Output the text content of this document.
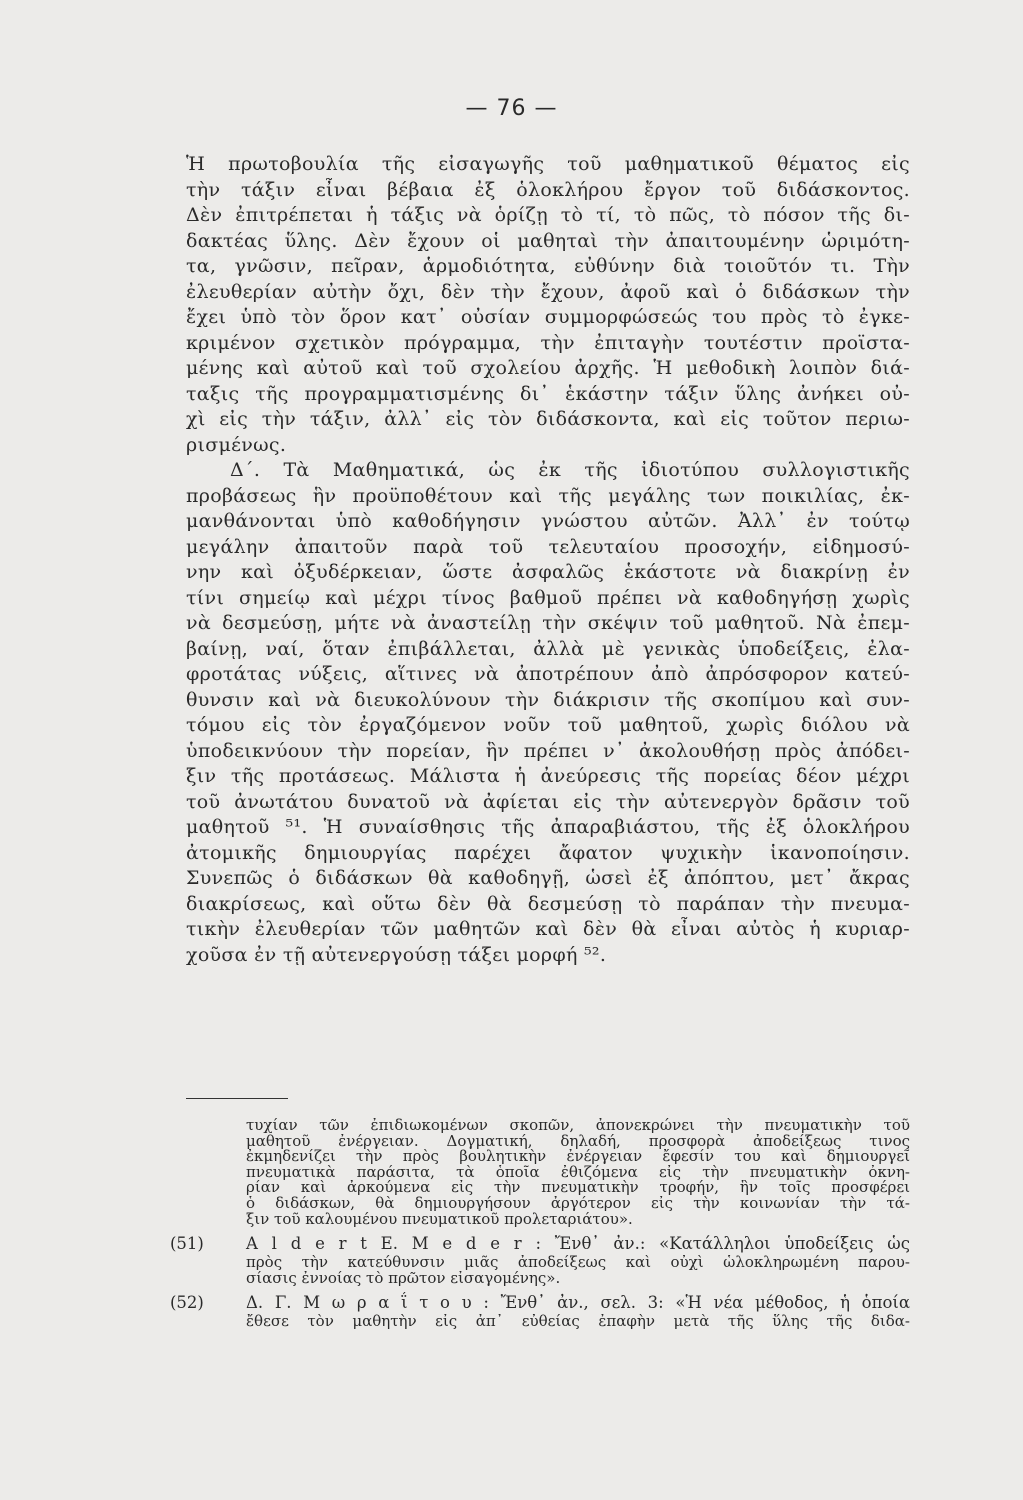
— 76 —
Ἡ πρωτοβουλία τῆς εἰσαγωγῆς τοῦ μαθηματικοῦ θέματος εἰς
τὴν τάξιν εἶναι βέβαια ἐξ ὁλοκλήρου ἔργον τοῦ διδάσκοντος.
Δὲν ἐπιτρέπεται ἡ τάξις νὰ ὁρίζῃ τὸ τί, τὸ πῶς, τὸ πόσον τῆς δι-
δακτέας ὕλης. Δὲν ἔχουν οἱ μαθηταὶ τὴν ἀπαιτουμένην ὡριμότη-
τα, γνῶσιν, πεῖραν, ἁρμοδιότητα, εὐθύνην διὰ τοιοῦτόν τι. Τὴν
ἐλευθερίαν αὐτὴν ὄχι, δὲν τὴν ἔχουν, ἀφοῦ καὶ ὁ διδάσκων τὴν
ἔχει ὑπὸ τὸν ὅρον κατ᾽ οὐσίαν συμμορφώσεώς του πρὸς τὸ ἐγκε-
κριμένον σχετικὸν πρόγραμμα, τὴν ἐπιταγὴν τουτέστιν προϊστα-
μένης καὶ αὐτοῦ καὶ τοῦ σχολείου ἀρχῆς. Ἡ μεθοδικὴ λοιπὸν διά-
ταξις τῆς προγραμματισμένης δι᾽ ἑκάστην τάξιν ὕλης ἀνήκει οὐ-
χὶ εἰς τὴν τάξιν, ἀλλ᾽ εἰς τὸν διδάσκοντα, καὶ εἰς τοῦτον περιω-
ρισμένως.
Δ΄. Τὰ Μαθηματικά, ὡς ἐκ τῆς ἰδιοτύπου συλλογιστικῆς
προβάσεως ἣν προϋποθέτουν καὶ τῆς μεγάλης των ποικιλίας, ἐκ-
μανθάνονται ὑπὸ καθοδήγησιν γνώστου αὐτῶν. Ἀλλ᾽ ἐν τούτῳ
μεγάλην ἀπαιτοῦν παρὰ τοῦ τελευταίου προσοχήν, εἰδημοσύ-
νην καὶ ὀξυδέρκειαν, ὥστε ἀσφαλῶς ἑκάστοτε νὰ διακρίνῃ ἐν
τίνι σημείῳ καὶ μέχρι τίνος βαθμοῦ πρέπει νὰ καθοδηγήσῃ χωρὶς
νὰ δεσμεύσῃ, μήτε νὰ ἀναστείλῃ τὴν σκέψιν τοῦ μαθητοῦ. Νὰ ἐπεμ-
βαίνῃ, ναί, ὅταν ἐπιβάλλεται, ἀλλὰ μὲ γενικὰς ὑποδείξεις, ἐλα-
φροτάτας νύξεις, αἵτινες νὰ ἀποτρέπουν ἀπὸ ἀπρόσφορον κατεύ-
θυνσιν καὶ νὰ διευκολύνουν τὴν διάκρισιν τῆς σκοπίμου καὶ συν-
τόμου εἰς τὸν ἐργαζόμενον νοῦν τοῦ μαθητοῦ, χωρὶς διόλου νὰ
ὑποδεικνύουν τὴν πορείαν, ἣν πρέπει ν᾽ ἀκολουθήσῃ πρὸς ἀπόδει-
ξιν τῆς προτάσεως. Μάλιστα ἡ ἀνεύρεσις τῆς πορείας δέον μέχρι
τοῦ ἀνωτάτου δυνατοῦ νὰ ἀφίεται εἰς τὴν αὐτενεργὸν δρᾶσιν τοῦ
μαθητοῦ ⁵¹. Ἡ συναίσθησις τῆς ἀπαραβιάστου, τῆς ἐξ ὁλοκλήρου
ἀτομικῆς δημιουργίας παρέχει ἄφατον ψυχικὴν ἱκανοποίησιν.
Συνεπῶς ὁ διδάσκων θὰ καθοδηγῇ, ὡσεὶ ἐξ ἀπόπτου, μετ᾽ ἄκρας
διακρίσεως, καὶ οὕτω δὲν θὰ δεσμεύσῃ τὸ παράπαν τὴν πνευμα-
τικὴν ἐλευθερίαν τῶν μαθητῶν καὶ δὲν θὰ εἶναι αὐτὸς ἡ κυριαρ-
χοῦσα ἐν τῇ αὐτενεργούσῃ τάξει μορφή ⁵².
τυχίαν τῶν ἐπιδιωκομένων σκοπῶν, ἀπονεκρώνει τὴν πνευματικὴν τοῦ
μαθητοῦ ἐνέργειαν. Δογματική, δηλαδή, προσφορὰ ἀποδείξεως τινος
ἐκμηδενίζει τὴν πρὸς βουλητικὴν ἐνέργειαν ἔφεσίν του καὶ δημιουργεῖ
πνευματικὰ παράσιτα, τὰ ὁποῖα ἐθιζόμενα εἰς τὴν πνευματικὴν ὀκνη-
ρίαν καὶ ἀρκούμενα εἰς τὴν πνευματικὴν τροφήν, ἣν τοῖς προσφέρει
ὁ διδάσκων, θὰ δημιουργήσουν ἀργότερον εἰς τὴν κοινωνίαν τὴν τά-
ξιν τοῦ καλουμένου πνευματικοῦ προλεταριάτου».
(51)	A l d e r t E. M e d e r : Ἔνθ᾽ ἀν.: «Κατάλληλοι ὑποδείξεις ὡς
πρὸς τὴν κατεύθυνσιν μιᾶς ἀποδείξεως καὶ οὐχὶ ὡλοκληρωμένη παρου-
σίασις ἐννοίας τὸ πρῶτον εἰσαγομένης».
(52)	Δ. Γ. Μ ω ρ α ΐ τ ο υ : Ἔνθ᾽ ἀν., σελ. 3: «Ἡ νέα μέθοδος, ἡ ὁποία
ἔθεσε τὸν μαθητὴν εἰς ἀπ᾽ εὐθείας ἐπαφὴν μετὰ τῆς ὕλης τῆς διδα-
